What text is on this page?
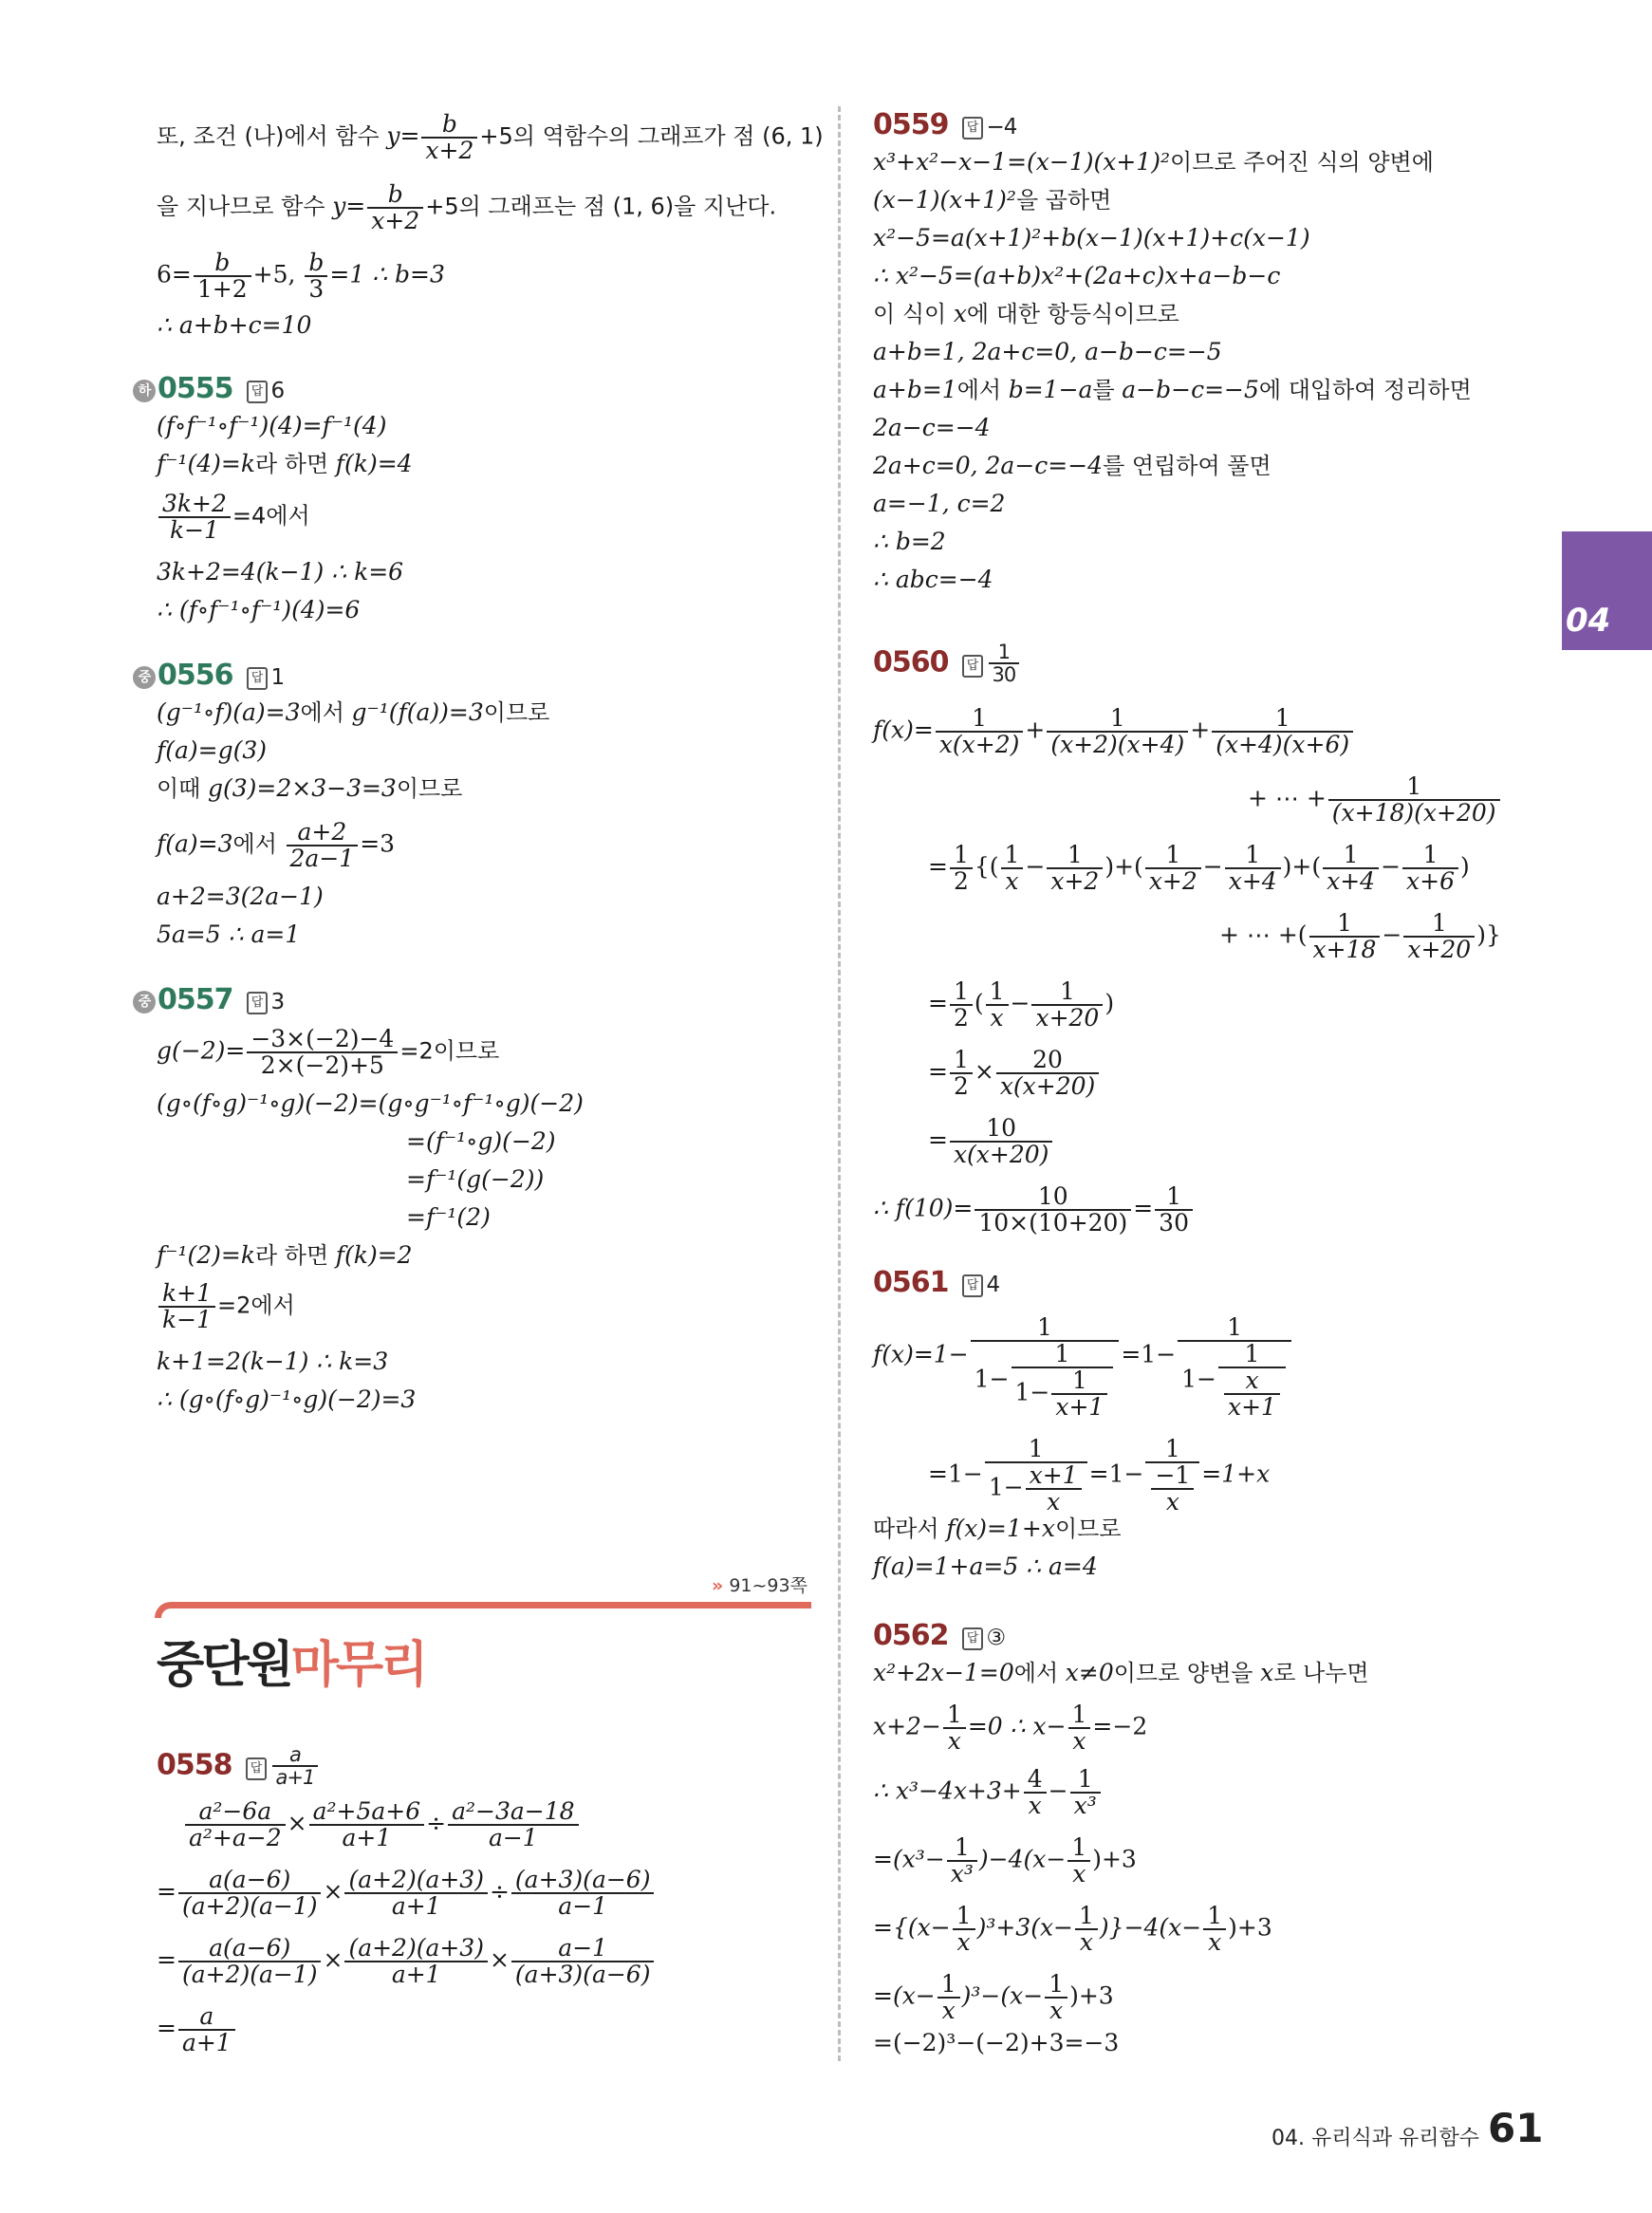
또, 조건 (나)에서 함수 $y= \frac{b}{x+2} +5$의 역함수의 그래프가 점 (6, 1)
을 지나므로 함수 $y= \frac{b}{x+2} +5$의 그래프는 점 (1, 6)을 지난다.
$6= \frac{b}{1+2} +5$, $\frac{b}{3} =1$ ∴ b=3
∴ a+b+c=10
하 0555 답 6
(f∘f⁻¹∘f⁻¹)(4)=f⁻¹(4)
f⁻¹(4)=k라 하면 f(k)=4
$\frac{3k+2}{k-1} =4$에서
3k+2=4(k−1) ∴ k=6
∴ (f∘f⁻¹∘f⁻¹)(4)=6
중 0556 답 1
(g⁻¹∘f)(a)=3에서 g⁻¹(f(a))=3이므로
f(a)=g(3)
이때 g(3)=2×3−3=3이므로
f(a)=3에서 $\frac{a+2}{2a-1} =3$
a+2=3(2a−1)
5a=5 ∴ a=1
중 0557 답 3
$g(-2)= \frac{-3\times(-2)-4}{2\times(-2)+5} =2$이므로
(g∘(f∘g)⁻¹∘g)(−2)=(g∘g⁻¹∘f⁻¹∘g)(−2)
=(f⁻¹∘g)(−2)
=f⁻¹(g(−2))
=f⁻¹(2)
f⁻¹(2)=k라 하면 f(k)=2
$\frac{k+1}{k-1} =2$에서
k+1=2(k−1) ∴ k=3
∴ (g∘(f∘g)⁻¹∘g)(−2)=3
» 91~93쪽
중단원마무리
0558 답 $\frac{a}{a+1}$
$\frac{\text{a²−6a}}{\text{a²+a−2}} \times \frac{\text{a²+5a+6}}{a+1} \div \frac{\text{a²−3a−18}}{a-1}$
= $\frac{a(a-6)}{(a+2)(a-1)} \times \frac{(a+2)(a+3)}{a+1} \div \frac{(a+3)(a-6)}{a-1}$
= $\frac{a(a-6)}{(a+2)(a-1)} \times \frac{(a+2)(a+3)}{a+1} \times \frac{a-1}{(a+3)(a-6)}$
= $\frac{a}{a+1}$
0559 답 −4
x³+x²−x−1=(x−1)(x+1)²이므로 주어진 식의 양변에
(x−1)(x+1)²을 곱하면
x²−5=a(x+1)²+b(x−1)(x+1)+c(x−1)
∴ x²−5=(a+b)x²+(2a+c)x+a−b−c
이 식이 x에 대한 항등식이므로
a+b=1, 2a+c=0, a−b−c=−5
a+b=1에서 b=1−a를 a−b−c=−5에 대입하여 정리하면
2a−c=−4
2a+c=0, 2a−c=−4를 연립하여 풀면
a=−1, c=2
∴ b=2
∴ abc=−4
0560 답 $\frac{1}{30}$
$f(x)= \frac{1}{x(x+2)} + \frac{1}{(x+2)(x+4)} + \frac{1}{(x+4)(x+6)}$
+ ⋯ + $\frac{1}{(x+18)(x+20)}$
= $\frac{1}{2}$ {( $\frac{1}{x} - \frac{1}{x+2}$ )+( $\frac{1}{x+2} - \frac{1}{x+4}$ )+( $\frac{1}{x+4} - \frac{1}{x+6}$ )
+ ⋯ +( $\frac{1}{x+18} - \frac{1}{x+20}$ )}
= $\frac{1}{2}$ ( $\frac{1}{x} - \frac{1}{x+20}$ )
= $\frac{1}{2} \times \frac{20}{x(x+20)}$
= $\frac{10}{x(x+20)}$
∴ $f(10)= \frac{10}{10\times(10+20)} = \frac{1}{30}$
0561 답 4
$f(x)=1- \frac{1}{1- \frac{1}{1- \frac{1}{x+1}}} =1- \frac{1}{1- \frac{1}{\frac{x}{x+1}}}$
$=1- \frac{1}{1- \frac{x+1}{x}} =1- \frac{1}{\frac{-1}{x}} =1+x$
따라서 f(x)=1+x이므로
f(a)=1+a=5 ∴ a=4
0562 답 ③
x²+2x−1=0에서 x≠0이므로 양변을 x로 나누면
$x+2- \frac{1}{x} =0$ ∴ $x- \frac{1}{x} =-2$
∴ $x^3-4x+3+ \frac{4}{x} - \frac{1}{\text{x³}}$
$=(x^3- \frac{1}{\text{x³}} )-4(x- \frac{1}{x} )+3$
$=\{(x- \frac{1}{x} )^3+3(x- \frac{1}{x} )\}-4(x- \frac{1}{x} )+3$
$=(x- \frac{1}{x} )^3-(x- \frac{1}{x} )+3$
=(−2)³−(−2)+3=−3
04
04. 유리식과 유리함수 61
